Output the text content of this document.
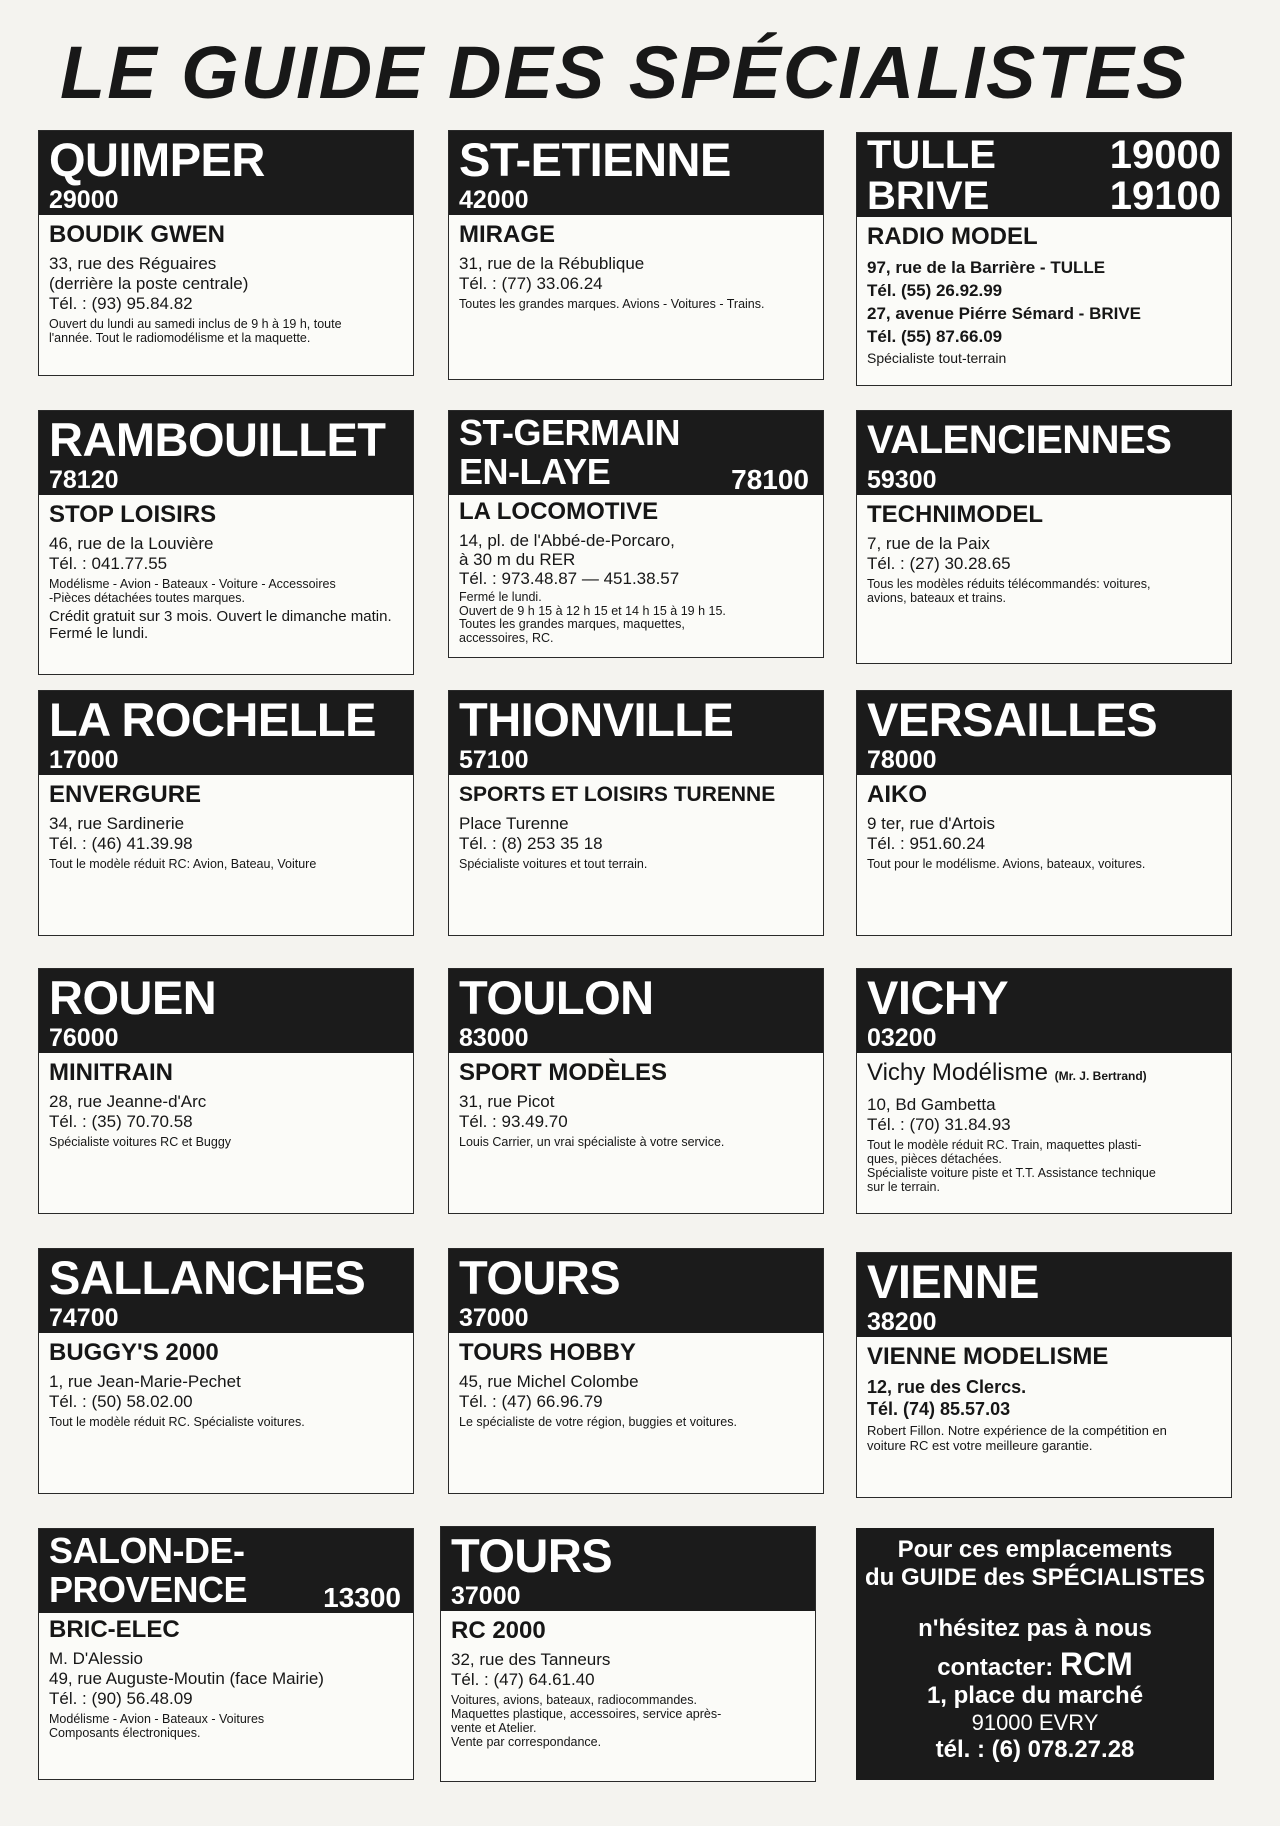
LE GUIDE DES SPÉCIALISTES
QUIMPER
29000
BOUDIK GWEN
33, rue des Réguaires
(derrière la poste centrale)
Tél. : (93) 95.84.82
Ouvert du lundi au samedi inclus de 9 h à 19 h, toute
l'année. Tout le radiomodélisme et la maquette.
ST-ETIENNE
42000
MIRAGE
31, rue de la Rébublique
Tél. : (77) 33.06.24
Toutes les grandes marques. Avions - Voitures - Trains.
TULLE	19000
BRIVE	19100
RADIO MODEL
97, rue de la Barrière - TULLE
Tél. (55) 26.92.99
27, avenue Piérre Sémard - BRIVE
Tél. (55) 87.66.09
Spécialiste tout-terrain
RAMBOUILLET
78120
STOP LOISIRS
46, rue de la Louvière
Tél. : 041.77.55
Modélisme - Avion - Bateaux - Voiture - Accessoires
-Pièces détachées toutes marques.
Crédit gratuit sur 3 mois. Ouvert le dimanche matin.
Fermé le lundi.
ST-GERMAIN
EN-LAYE	78100
LA LOCOMOTIVE
14, pl. de l'Abbé-de-Porcaro,
à 30 m du RER
Tél. : 973.48.87 — 451.38.57
Fermé le lundi.
Ouvert de 9 h 15 à 12 h 15 et 14 h 15 à 19 h 15.
Toutes les grandes marques, maquettes,
accessoires, RC.
VALENCIENNES
59300
TECHNIMODEL
7, rue de la Paix
Tél. : (27) 30.28.65
Tous les modèles réduits télécommandés: voitures,
avions, bateaux et trains.
LA ROCHELLE
17000
ENVERGURE
34, rue Sardinerie
Tél. : (46) 41.39.98
Tout le modèle réduit RC: Avion, Bateau, Voiture
THIONVILLE
57100
SPORTS ET LOISIRS TURENNE
Place Turenne
Tél. : (8) 253 35 18
Spécialiste voitures et tout terrain.
VERSAILLES
78000
AIKO
9 ter, rue d'Artois
Tél. : 951.60.24
Tout pour le modélisme. Avions, bateaux, voitures.
ROUEN
76000
MINITRAIN
28, rue Jeanne-d'Arc
Tél. : (35) 70.70.58
Spécialiste voitures RC et Buggy
TOULON
83000
SPORT MODÈLES
31, rue Picot
Tél. : 93.49.70
Louis Carrier, un vrai spécialiste à votre service.
VICHY
03200
Vichy Modélisme (Mr. J. Bertrand)
10, Bd Gambetta
Tél. : (70) 31.84.93
Tout le modèle réduit RC. Train, maquettes plasti-
ques, pièces détachées.
Spécialiste voiture piste et T.T. Assistance technique
sur le terrain.
SALLANCHES
74700
BUGGY'S 2000
1, rue Jean-Marie-Pechet
Tél. : (50) 58.02.00
Tout le modèle réduit RC. Spécialiste voitures.
TOURS
37000
TOURS HOBBY
45, rue Michel Colombe
Tél. : (47) 66.96.79
Le spécialiste de votre région, buggies et voitures.
VIENNE
38200
VIENNE MODELISME
12, rue des Clercs.
Tél. (74) 85.57.03
Robert Fillon. Notre expérience de la compétition en
voiture RC est votre meilleure garantie.
SALON-DE-
PROVENCE	13300
BRIC-ELEC
M. D'Alessio
49, rue Auguste-Moutin (face Mairie)
Tél. : (90) 56.48.09
Modélisme - Avion - Bateaux - Voitures
Composants électroniques.
TOURS
37000
RC 2000
32, rue des Tanneurs
Tél. : (47) 64.61.40
Voitures, avions, bateaux, radiocommandes.
Maquettes plastique, accessoires, service après-
vente et Atelier.
Vente par correspondance.
Pour ces emplacements
du GUIDE des SPÉCIALISTES
n'hésitez pas à nous
contacter: RCM
1, place du marché
91000 EVRY
tél. : (6) 078.27.28
